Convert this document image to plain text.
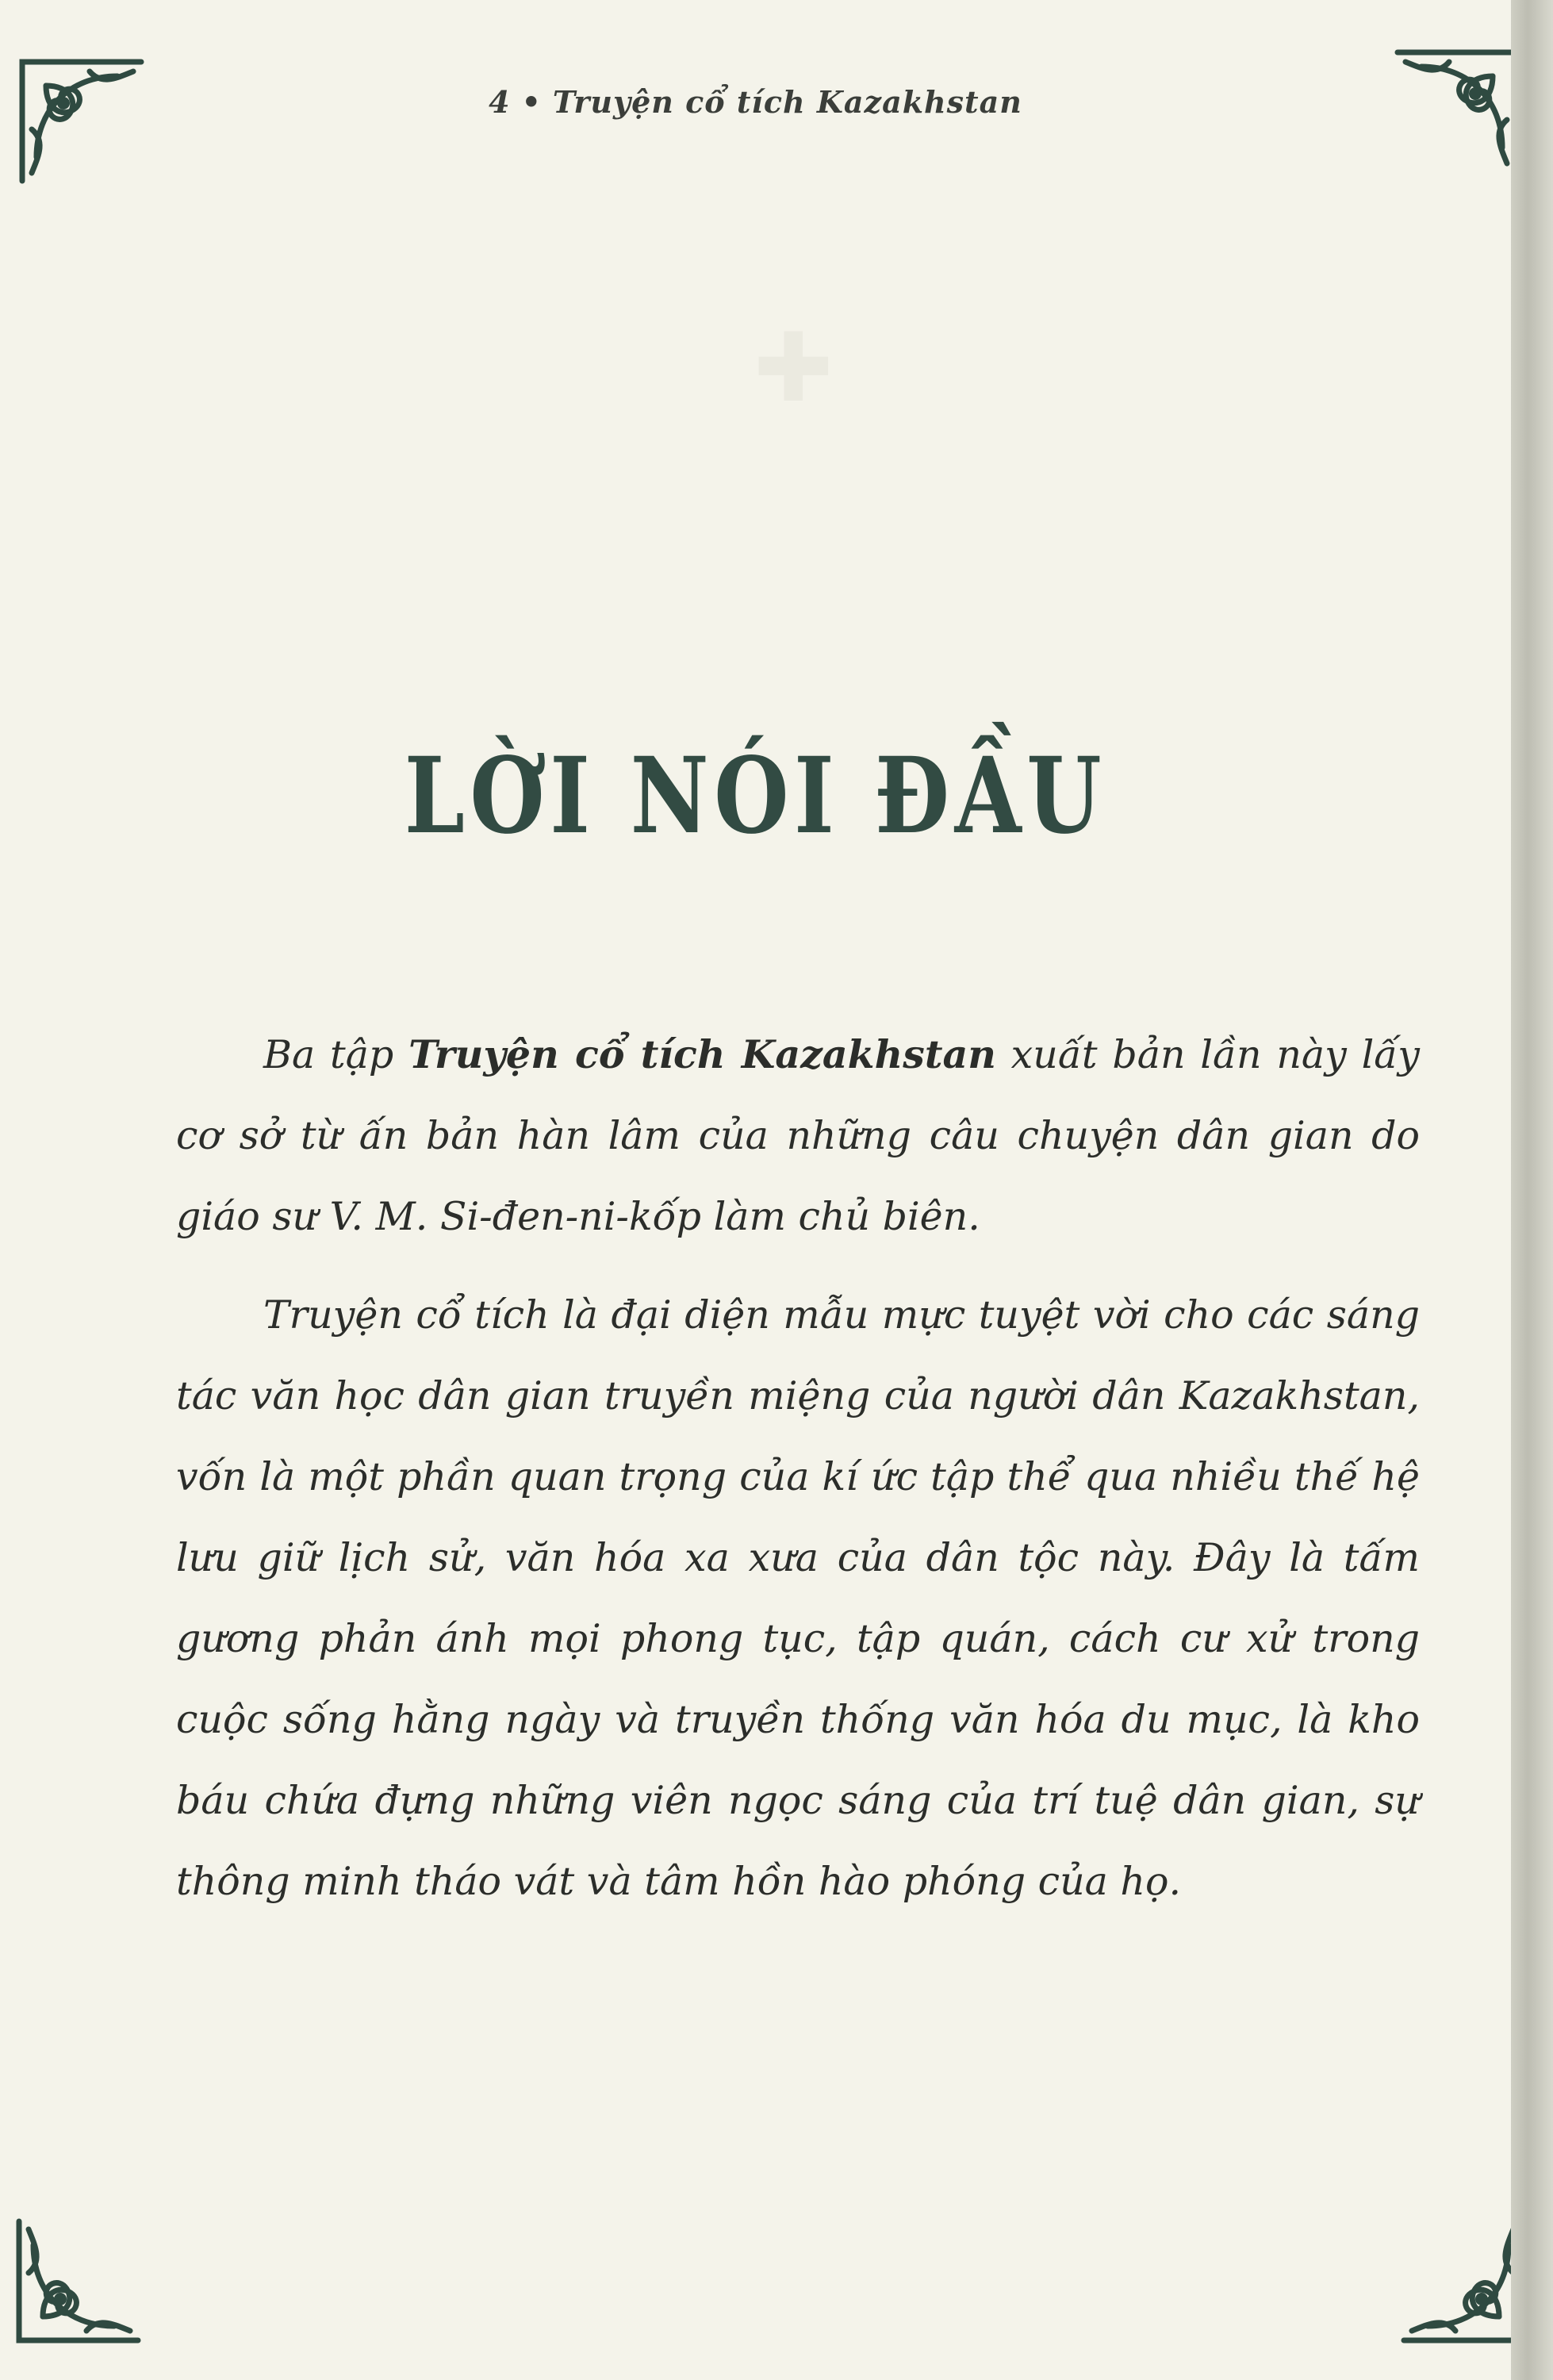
4 • Truyện cổ tích Kazakhstan
✚
LỜI NÓI ĐẦU

Ba tập Truyện cổ tích Kazakhstan xuất bản lần này lấy cơ sở từ ấn bản hàn lâm của những câu chuyện dân gian do giáo sư V. M. Si-đen-ni-kốp làm chủ biên.

Truyện cổ tích là đại diện mẫu mực tuyệt vời cho các sáng tác văn học dân gian truyền miệng của người dân Kazakhstan, vốn là một phần quan trọng của kí ức tập thể qua nhiều thế hệ lưu giữ lịch sử, văn hóa xa xưa của dân tộc này. Đây là tấm gương phản ánh mọi phong tục, tập quán, cách cư xử trong cuộc sống hằng ngày và truyền thống văn hóa du mục, là kho báu chứa đựng những viên ngọc sáng của trí tuệ dân gian, sự thông minh tháo vát và tâm hồn hào phóng của họ.
